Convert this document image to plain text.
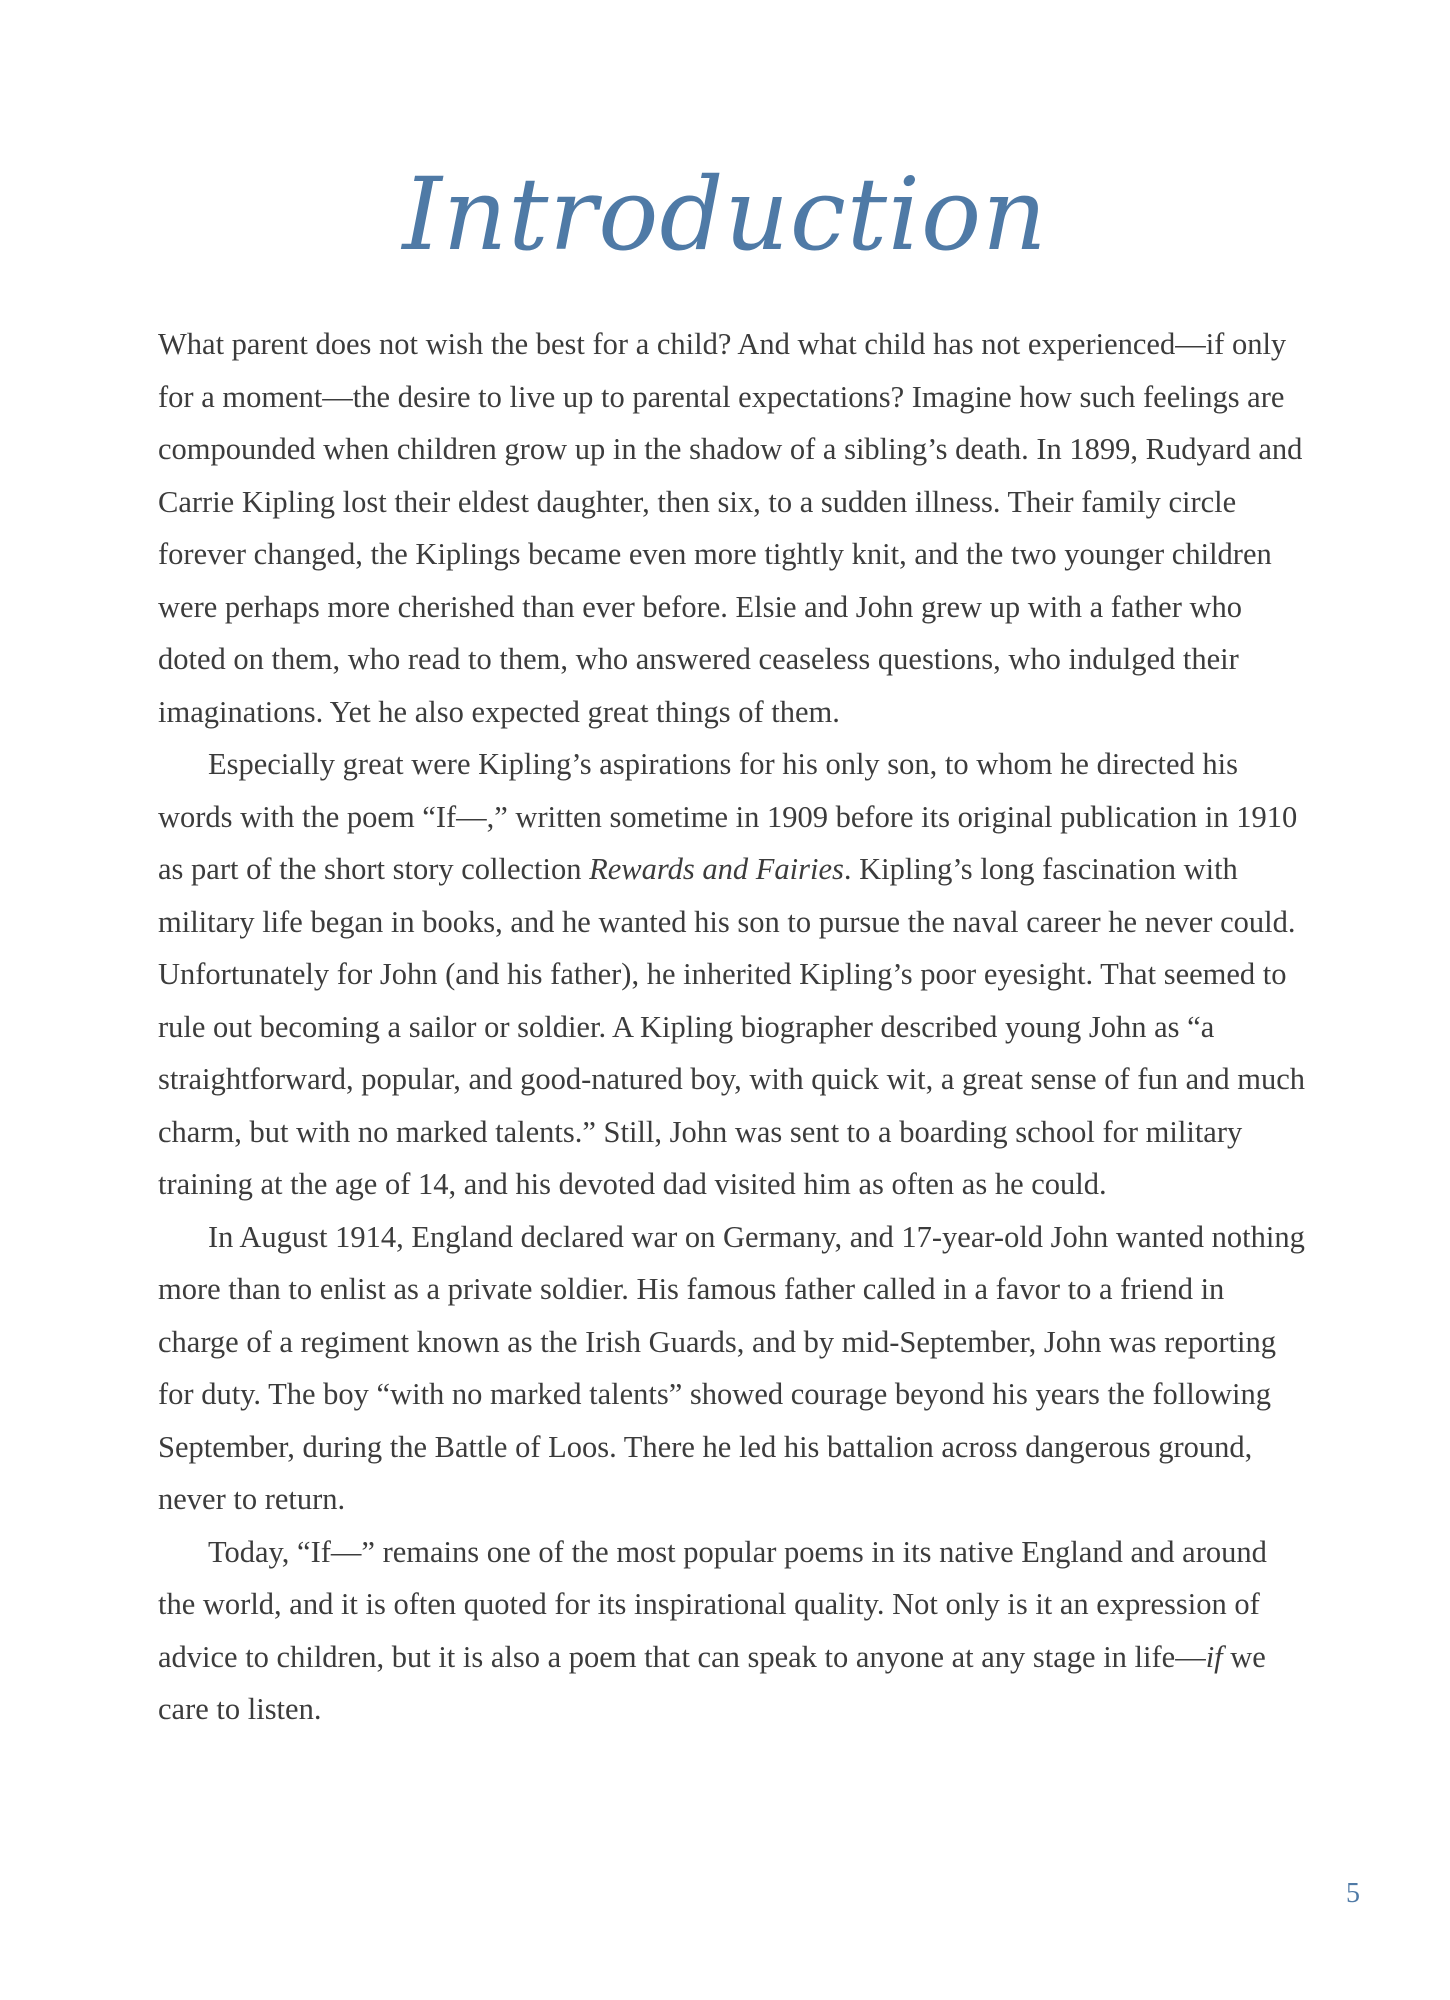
Introduction

What parent does not wish the best for a child? And what child has not experienced—if only for a moment—the desire to live up to parental expectations? Imagine how such feelings are compounded when children grow up in the shadow of a sibling’s death. In 1899, Rudyard and Carrie Kipling lost their eldest daughter, then six, to a sudden illness. Their family circle forever changed, the Kiplings became even more tightly knit, and the two younger children were perhaps more cherished than ever before. Elsie and John grew up with a father who doted on them, who read to them, who answered ceaseless questions, who indulged their imaginations. Yet he also expected great things of them.

Especially great were Kipling’s aspirations for his only son, to whom he directed his words with the poem “If—,” written sometime in 1909 before its original publication in 1910 as part of the short story collection Rewards and Fairies. Kipling’s long fascination with military life began in books, and he wanted his son to pursue the naval career he never could. Unfortunately for John (and his father), he inherited Kipling’s poor eyesight. That seemed to rule out becoming a sailor or soldier. A Kipling biographer described young John as “a straightforward, popular, and good-natured boy, with quick wit, a great sense of fun and much charm, but with no marked talents.” Still, John was sent to a boarding school for military training at the age of 14, and his devoted dad visited him as often as he could.

In August 1914, England declared war on Germany, and 17-year-old John wanted nothing more than to enlist as a private soldier. His famous father called in a favor to a friend in charge of a regiment known as the Irish Guards, and by mid-September, John was reporting for duty. The boy “with no marked talents” showed courage beyond his years the following September, during the Battle of Loos. There he led his battalion across dangerous ground, never to return.

Today, “If—” remains one of the most popular poems in its native England and around the world, and it is often quoted for its inspirational quality. Not only is it an expression of advice to children, but it is also a poem that can speak to anyone at any stage in life—if we care to listen.

5
